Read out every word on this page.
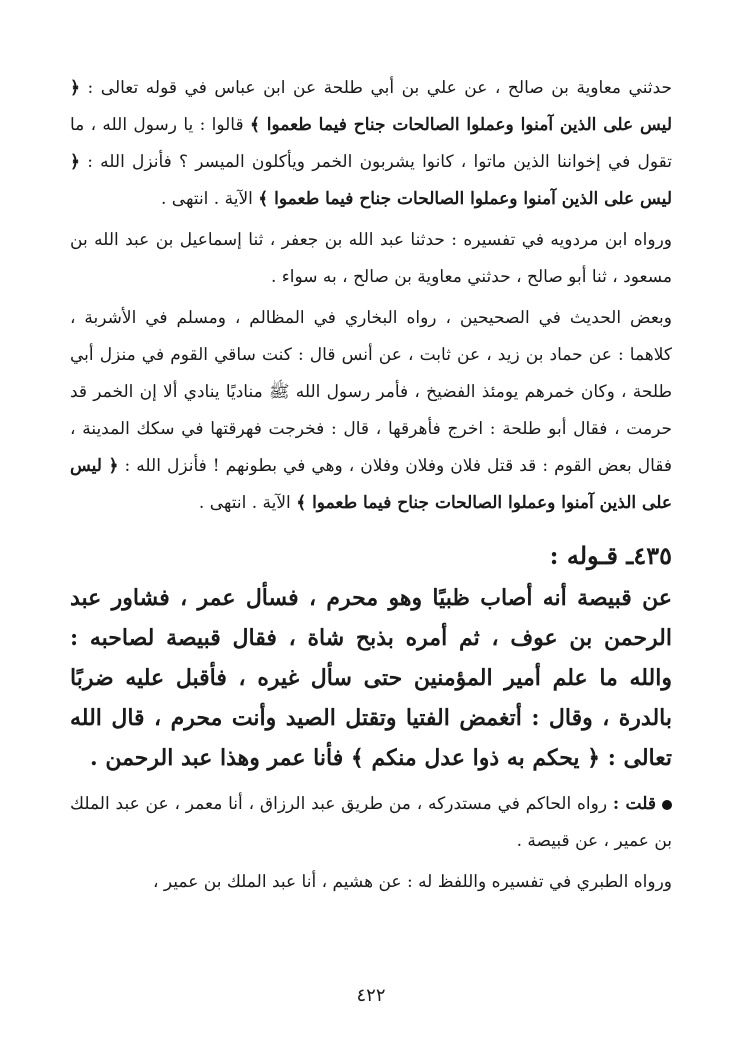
حدثني معاوية بن صالح ، عن علي بن أبي طلحة عن ابن عباس في قوله تعالى : ﴿ ليس على الذين آمنوا وعملوا الصالحات جناح فيما طعموا ﴾ قالوا : يا رسول الله ، ما تقول في إخواننا الذين ماتوا ، كانوا يشربون الخمر ويأكلون الميسر ؟ فأنزل الله : ﴿ ليس على الذين آمنوا وعملوا الصالحات جناح فيما طعموا ﴾ الآية . انتهى .

ورواه ابن مردويه في تفسيره : حدثنا عبد الله بن جعفر ، ثنا إسماعيل بن عبد الله بن مسعود ، ثنا أبو صالح ، حدثني معاوية بن صالح ، به سواء .

وبعض الحديث في الصحيحين ، رواه البخاري في المظالم ، ومسلم في الأشربة ، كلاهما : عن حماد بن زيد ، عن ثابت ، عن أنس قال : كنت ساقي القوم في منزل أبي طلحة ، وكان خمرهم يومئذ الفضيخ ، فأمر رسول الله ﷺ مناديًا ينادي ألا إن الخمر قد حرمت ، فقال أبو طلحة : اخرج فأهرقها ، قال : فخرجت فهرقتها في سكك المدينة ، فقال بعض القوم : قد قتل فلان وفلان وفلان ، وهي في بطونهم ! فأنزل الله : ﴿ ليس على الذين آمنوا وعملوا الصالحات جناح فيما طعموا ﴾ الآية . انتهى .

٤٣٥ـ قـوله :

عن قبيصة أنه أصاب ظبيًا وهو محرم ، فسأل عمر ، فشاور عبد الرحمن بن عوف ، ثم أمره بذبح شاة ، فقال قبيصة لصاحبه : والله ما علم أمير المؤمنين حتى سأل غيره ، فأقبل عليه ضربًا بالدرة ، وقال : أتغمض الفتيا وتقتل الصيد وأنت محرم ، قال الله تعالى : ﴿ يحكم به ذوا عدل منكم ﴾ فأنا عمر وهذا عبد الرحمن .

قلت : رواه الحاكم في مستدركه ، من طريق عبد الرزاق ، أنا معمر ، عن عبد الملك بن عمير ، عن قبيصة .

ورواه الطبري في تفسيره واللفظ له : عن هشيم ، أنا عبد الملك بن عمير ،

٤٢٢
